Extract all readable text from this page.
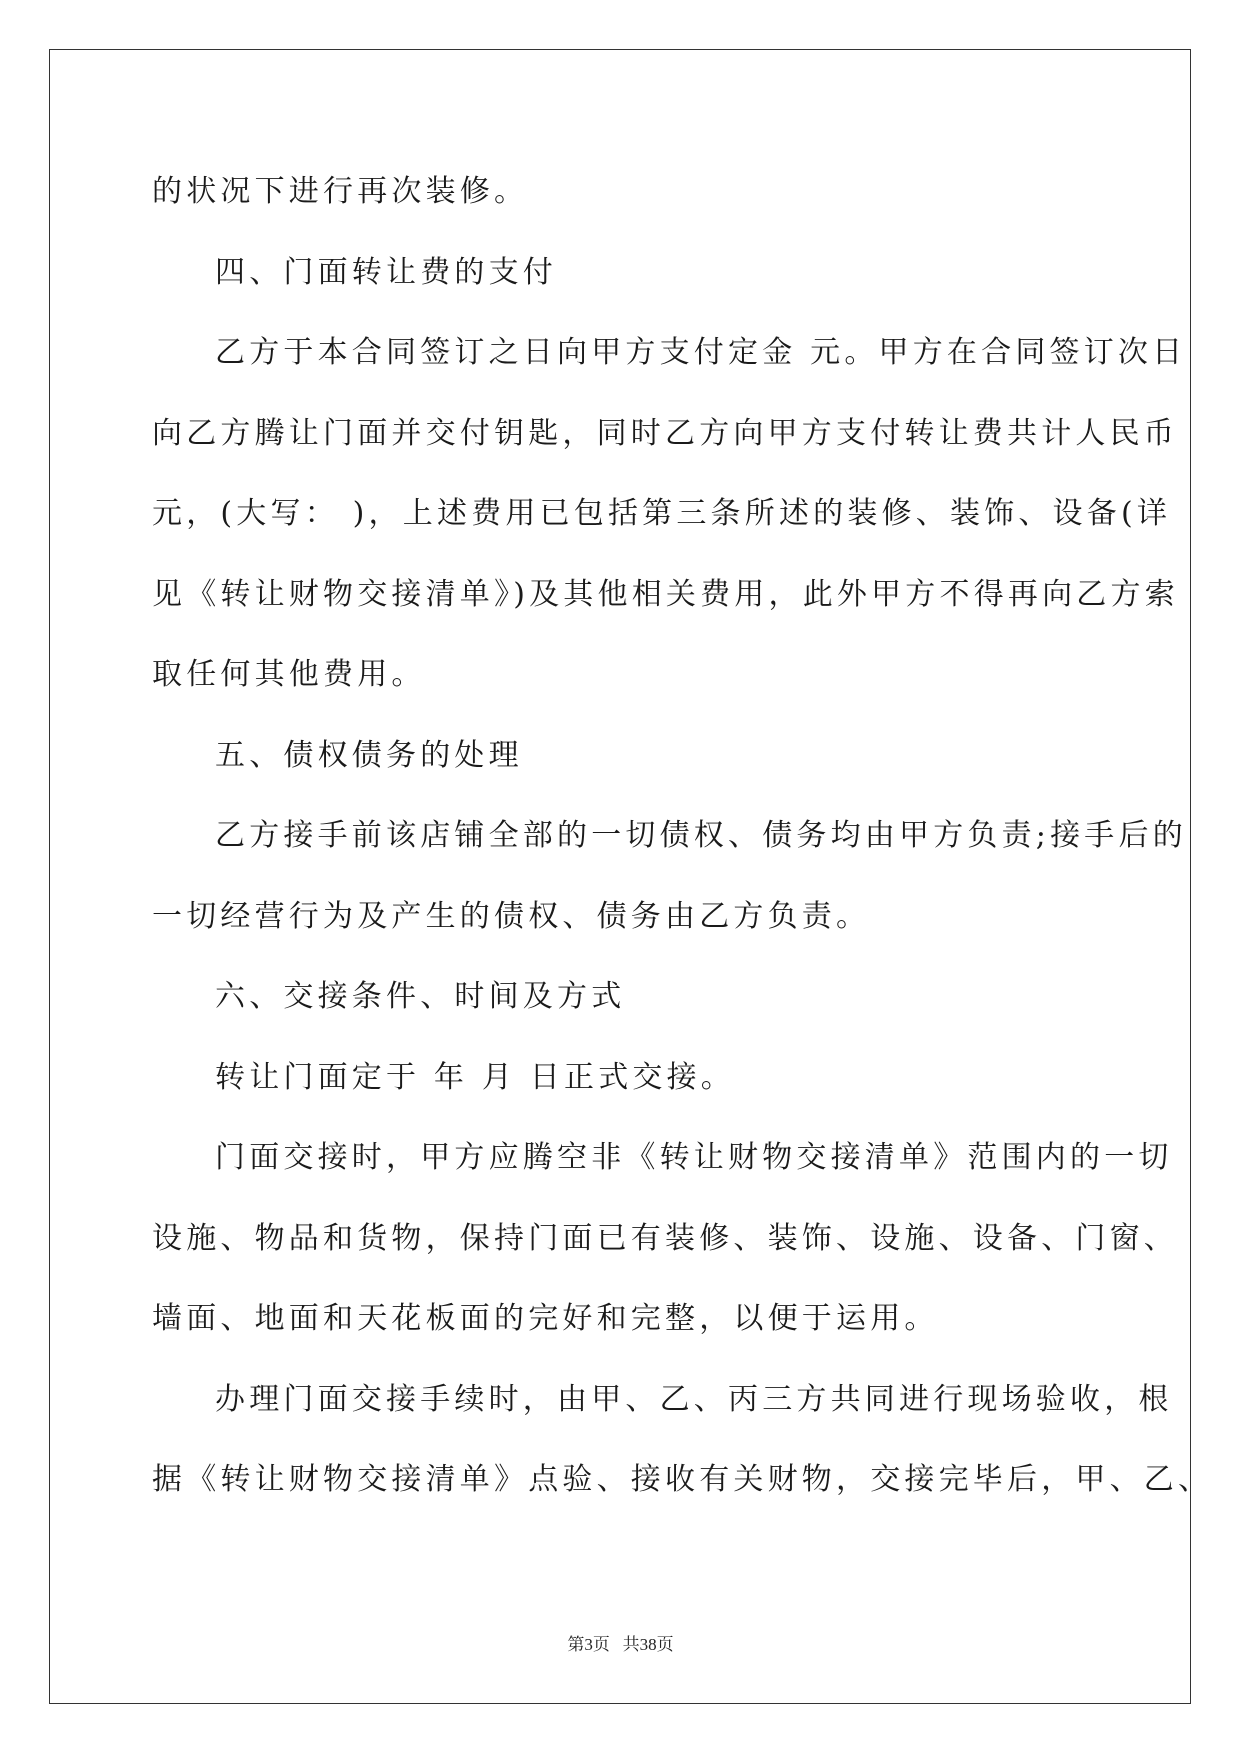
的状况下进行再次装修。
四、门面转让费的支付
乙方于本合同签订之日向甲方支付定金 元。甲方在合同签订次日
向乙方腾让门面并交付钥匙，同时乙方向甲方支付转让费共计人民币
元，(大写： )，上述费用已包括第三条所述的装修、装饰、设备(详
见《转让财物交接清单》)及其他相关费用，此外甲方不得再向乙方索
取任何其他费用。
五、债权债务的处理
乙方接手前该店铺全部的一切债权、债务均由甲方负责;接手后的
一切经营行为及产生的债权、债务由乙方负责。
六、交接条件、时间及方式
转让门面定于 年 月 日正式交接。
门面交接时，甲方应腾空非《转让财物交接清单》范围内的一切
设施、物品和货物，保持门面已有装修、装饰、设施、设备、门窗、
墙面、地面和天花板面的完好和完整，以便于运用。
办理门面交接手续时，由甲、乙、丙三方共同进行现场验收，根
据《转让财物交接清单》点验、接收有关财物，交接完毕后，甲、乙、
第3页 共38页
